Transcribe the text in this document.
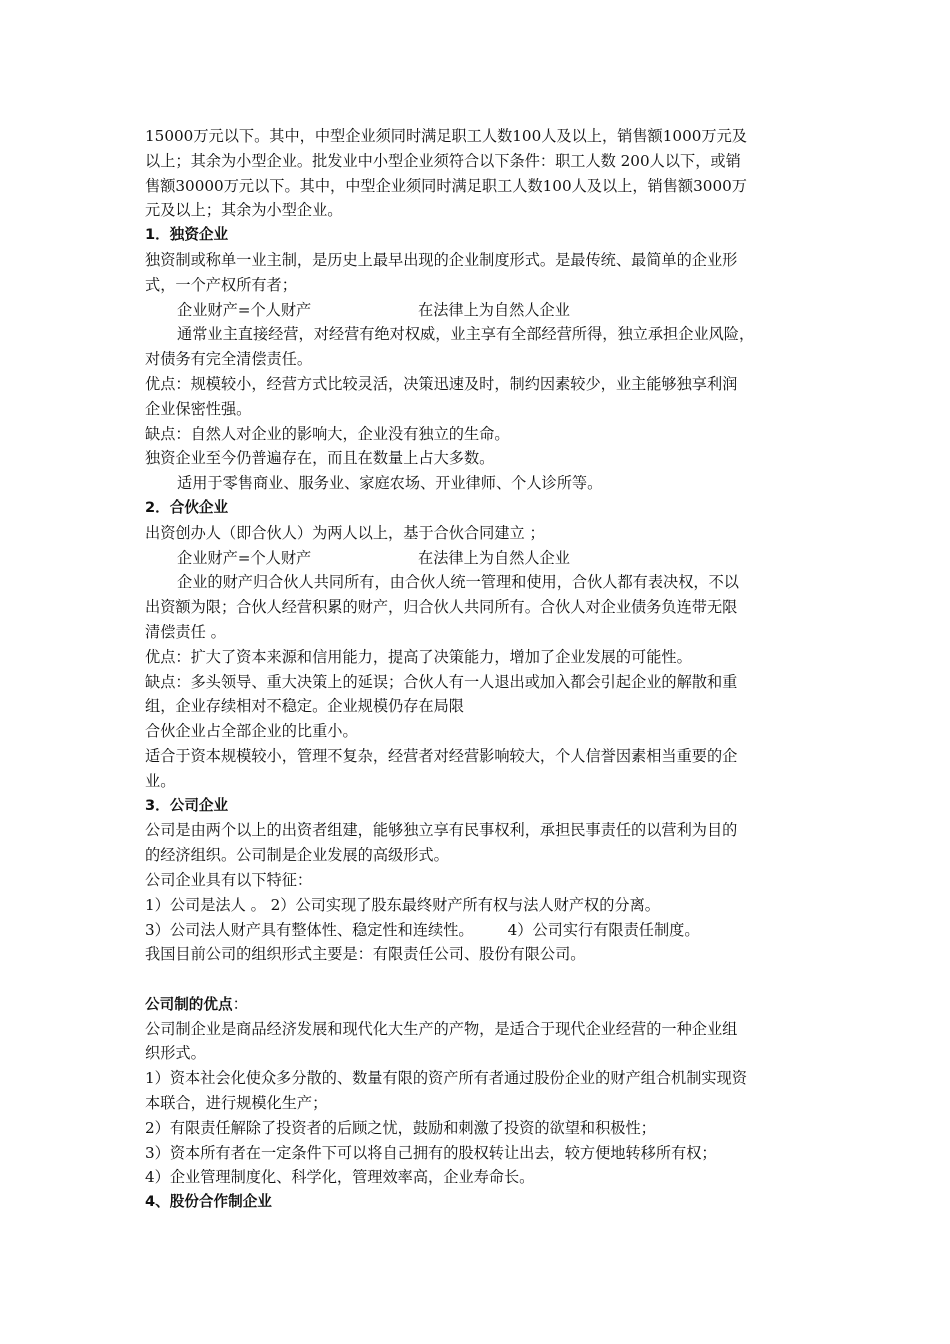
15000万元以下。其中，中型企业须同时满足职工人数100人及以上，销售额1000万元及
以上；其余为小型企业。批发业中小型企业须符合以下条件：职工人数 200人以下，或销
售额30000万元以下。其中，中型企业须同时满足职工人数100人及以上，销售额3000万
元及以上；其余为小型企业。
1．独资企业
独资制或称单一业主制，是历史上最早出现的企业制度形式。是最传统、最简单的企业形
式，一个产权所有者；
企业财产=个人财产	在法律上为自然人企业
通常业主直接经营，对经营有绝对权威，业主享有全部经营所得，独立承担企业风险，
对债务有完全清偿责任。
优点：规模较小，经营方式比较灵活，决策迅速及时，制约因素较少，业主能够独享利润
企业保密性强。
缺点：自然人对企业的影响大，企业没有独立的生命。
独资企业至今仍普遍存在，而且在数量上占大多数。
适用于零售商业、服务业、家庭农场、开业律师、个人诊所等。
2．合伙企业
出资创办人（即合伙人）为两人以上，基于合伙合同建立 ；
企业财产=个人财产	在法律上为自然人企业
企业的财产归合伙人共同所有，由合伙人统一管理和使用，合伙人都有表决权，不以
出资额为限；合伙人经营积累的财产，归合伙人共同所有。合伙人对企业债务负连带无限
清偿责任 。
优点：扩大了资本来源和信用能力，提高了决策能力，增加了企业发展的可能性。
缺点：多头领导、重大决策上的延误；合伙人有一人退出或加入都会引起企业的解散和重
组，企业存续相对不稳定。企业规模仍存在局限
合伙企业占全部企业的比重小。
适合于资本规模较小，管理不复杂，经营者对经营影响较大，个人信誉因素相当重要的企
业。
3．公司企业
公司是由两个以上的出资者组建，能够独立享有民事权利，承担民事责任的以营利为目的
的经济组织。公司制是企业发展的高级形式。
公司企业具有以下特征：
1）公司是法人 。 2）公司实现了股东最终财产所有权与法人财产权的分离。
3）公司法人财产具有整体性、稳定性和连续性。 4）公司实行有限责任制度。
我国目前公司的组织形式主要是：有限责任公司、股份有限公司。
公司制的优点：
公司制企业是商品经济发展和现代化大生产的产物，是适合于现代企业经营的一种企业组
织形式。
1）资本社会化使众多分散的、数量有限的资产所有者通过股份企业的财产组合机制实现资
本联合，进行规模化生产；
2）有限责任解除了投资者的后顾之忧，鼓励和刺激了投资的欲望和积极性；
3）资本所有者在一定条件下可以将自己拥有的股权转让出去，较方便地转移所有权；
4）企业管理制度化、科学化，管理效率高，企业寿命长。
4、股份合作制企业
